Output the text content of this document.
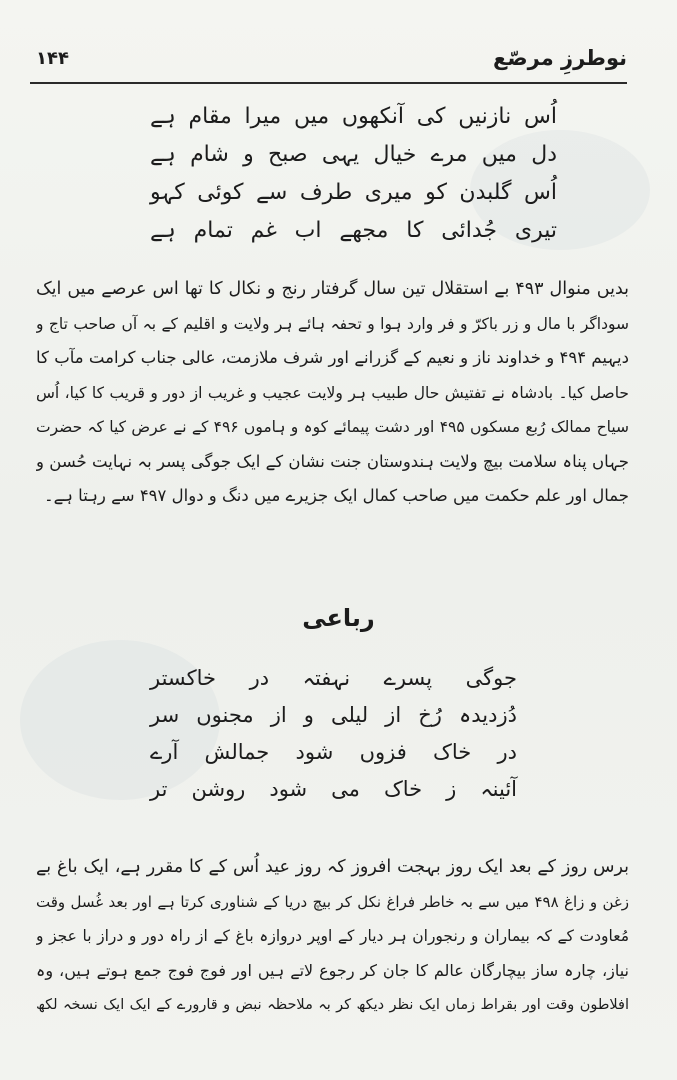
نوطرزِ مرصّع
۱۴۴
اُس نازنیں کی آنکھوں میں میرا مقام ہے
دل میں مرے خیال یہی صبح و شام ہے
اُس گلبدن کو میری طرف سے کوئی کہو
تیری جُدائی کا مجھے اب غم تمام ہے
بدیں منوال ۴۹۳ بے استقلال تین سال گرفتار رنج و نکال کا تھا اس عرصے میں ایک
سوداگر با مال و زر باکرّ و فر وارد ہوا و تحفہ ہائے ہر ولایت و اقلیم کے بہ آں صاحب تاج و
دیہیم ۴۹۴ و خداوند ناز و نعیم کے گزرانے اور شرف ملازمت، عالی جناب کرامت مآب کا
حاصل کیا۔ بادشاہ نے تفتیش حال طبیب ہر ولایت عجیب و غریب از دور و قریب کا کیا، اُس
سیاح ممالک رُبع مسکوں ۴۹۵ اور دشت پیمائے کوہ و ہاموں ۴۹۶ کے نے عرض کیا کہ حضرت
جہاں پناہ سلامت بیچ ولایت ہندوستان جنت نشان کے ایک جوگی پسر بہ نہایت حُسن و
جمال اور علم حکمت میں صاحب کمال ایک جزیرے میں دنگ و دوال ۴۹۷ سے رہتا ہے۔
رباعی
جوگی پسرے نہفتہ در خاکستر
دُزدیدہ رُخ از لیلی و از مجنوں سر
در خاک فزوں شود جمالش آرے
آئینہ ز خاک می شود روشن تر
برس روز کے بعد ایک روز بہجت افروز کہ روز عید اُس کے کا مقرر ہے، ایک باغ بے
زغن و زاغ ۴۹۸ میں سے بہ خاطر فراغ نکل کر بیچ دریا کے شناوری کرتا ہے اور بعد غُسل وقت
مُعاودت کے کہ بیماران و رنجوران ہر دیار کے اوپر دروازہ باغ کے از راہ دور و دراز با عجز و
نیاز، چارہ ساز بیچارگان عالم کا جان کر رجوع لاتے ہیں اور فوج فوج جمع ہوتے ہیں، وہ
افلاطون وقت اور بقراط زماں ایک نظر دیکھ کر بہ ملاحظہ نبض و قارورے کے ایک ایک نسخہ لکھ
